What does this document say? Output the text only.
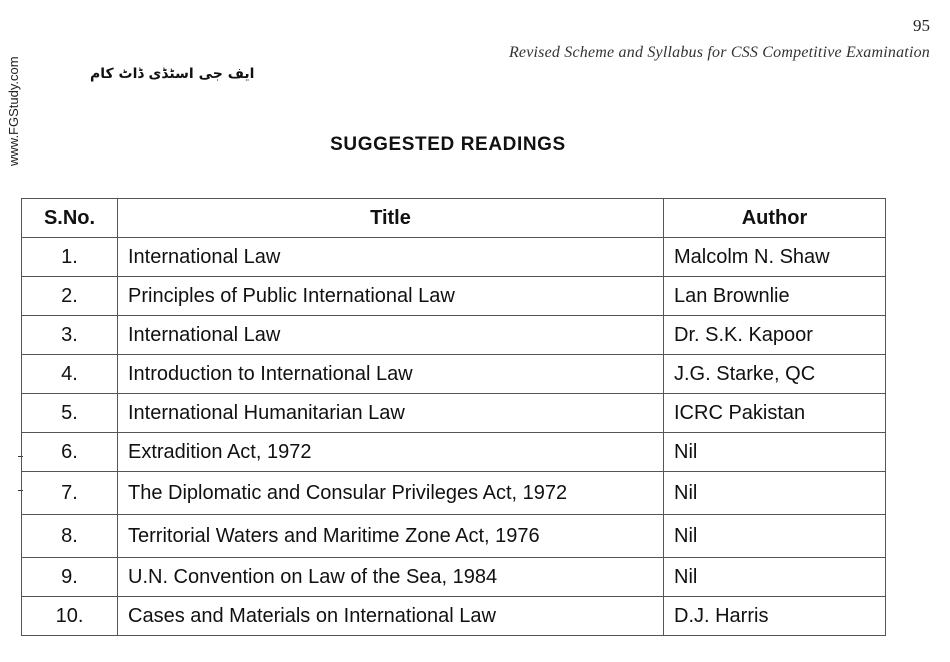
95
Revised Scheme and Syllabus for CSS Competitive Examination
www.FGStudy.com	ایف جی اسٹڈی ڈاٹ کام
SUGGESTED READINGS
S.No.	Title	Author
1.	International Law	Malcolm N. Shaw
2.	Principles of Public International Law	Lan Brownlie
3.	International Law	Dr. S.K. Kapoor
4.	Introduction to International Law	J.G. Starke, QC
5.	International Humanitarian Law	ICRC Pakistan
6.	Extradition Act, 1972	Nil
7.	The Diplomatic and Consular Privileges Act, 1972	Nil
8.	Territorial Waters and Maritime Zone Act, 1976	Nil
9.	U.N. Convention on Law of the Sea, 1984	Nil
10.	Cases and Materials on International Law	D.J. Harris
